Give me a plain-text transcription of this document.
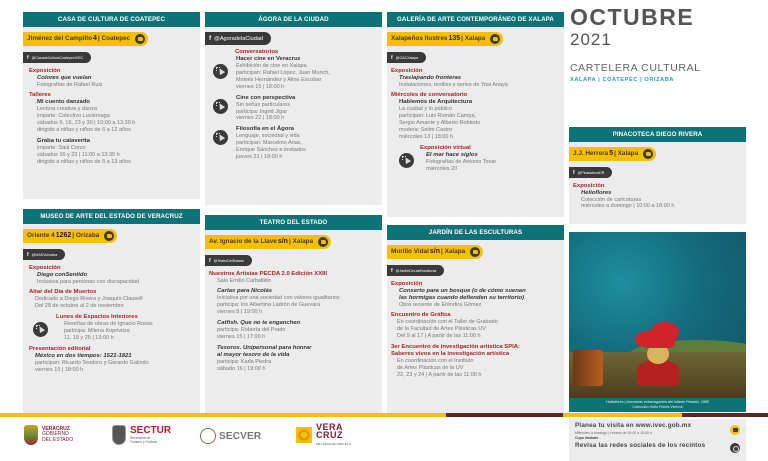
CASA DE CULTURA DE COATEPEC
Jiménez del Campillo 4 | Coatepec

f @CasadeCulturaCoatepecIVEC
Exposición
Colores que vuelan
Fotografías de Rafael Ruiz
Talleres
Mi cuento danzado
Lectura creativa y danza
imparte: Colectivo Luciérnaga
sábados 9, 16, 23 y 30 | 10:00 a 13:30 h
dirigido a niñas y niños de 6 a 12 años
Graba tu calaverita
imparte: Saúl Corzo
sábados 16 y 23 | 11:00 a 13:30 h
dirigido a niñas y niños de 8 a 13 años
MUSEO DE ARTE DEL ESTADO DE VERACRUZ
Oriente 4 1262 | Orizaba

f @MAEVorizaba
Exposición
Diego conSentido
Inclusiva para personas con discapacidad
Altar del Día de Muertos
Dedicado a Diego Rivera y Joaquín Clausell
Del 28 de octubre al 2 de noviembre
Lunes de Espacios Interiores
Reseñas de obras de Ignacio Rosas
participa: Milena Koprivitza
11, 18 y 25 | 13:00 h
Presentación editorial
México en dos tiempos: 1521-1821
participan: Ricardo Teodoro y Gerardo Galindo
viernes 15 | 18:00 h
ÁGORA DE LA CIUDAD
f @AgoradelaCiudad
Conversatorios
Hacer cine en Veracruz
Exhibición de cine en Xalapa
participan: Rafael López, Juan Munch,
Moisés Hernández y Aline Escobar
viernes 15 | 18:00 h
Cine con perspectiva
Sin señas particulares
participa: Ingrid Jigar
viernes 22 | 18:00 h
Filosofía en el Ágora
Lenguaje, sociedad y vida
participan: Marcelino Arias,
Enrique Sánchez e invitados
jueves 21 | 18:00 h
TEATRO DEL ESTADO
Av. Ignacio de la Llave s/n | Xalapa

f @TeatroDelEstado
Nuestros Artistas PECDA 2.0 Edición XXIII
Sala Emilio Carballido
Cartas para Nicolás
Iniciativa por una sociedad con valores igualitarios
participa: Iris Albertina Ladrón de Guevara
viernes 8 | 19:00 h
Catfish. Que no te enganchen
participa: Roberta del Prado
viernes 15 | 17:00 h
Tesoros. Unipersonal para honrar
al mayor tesoro de la vida
participa: Karla Piedra
sábado 16 | 19:00 h
GALERÍA DE ARTE CONTEMPORÁNEO DE XALAPA
Xalapeños Ilustres 135 | Xalapa

f @GACXalapa
Exposición
Traslapando fronteras
Instalaciones, textiles y series de Yosi Anaya
Miércoles de conversatorio
Hablemos de Arquitectura
La ciudad y lo público
participan: Luis Román Campa,
Sergio Amante y Alberto Robledo
modera: Selim Castro
miércoles 13 | 18:00 h
Exposición virtual
El mar hace siglos
Fotografías de Antonio Tovar
miércoles 20
JARDÍN DE LAS ESCULTURAS
Murillo Vidal s/n | Xalapa

f @JardinDeLasEsculturas
Exposición
Conxerto para un bosque (o de cómo suenan
las hormigas cuando defienden su territorio)
Obra reciente de Eréndira Gómez
Encuentro de Gráfica
En coordinación con el Taller de Grabado
de la Facultad de Artes Plásticas UV
Del 9 al 17 | A partir de las 11:00 h
3er Encuentro de investigación artística SPIA:
Saberes vivos en la investigación artística
En coordinación con el Instituto
de Artes Plásticas de la UV
22, 23 y 24 | A partir de las 11:00 h
OCTUBRE
2021
CARTELERA CULTURAL
XALAPA | COATEPEC | ORIZABA
PINACOTECA DIEGO RIVERA
J.J. Herrera 5 | Xalapa

f @PinacotecaDR
Exposición
Helioflores
Colección de caricaturas
miércoles a domingo | 10:00 a 18:00 h
Helioflores | Aventuras extravagantes del infante Petatús, 1985
Colección Helio Flores Viveros
VERACRUZ
GOBIERNO
DEL ESTADO
SECTUR
Secretaría de
Turismo y Cultura
SECVER
VERA
CRUZ
ME LLENA DE ORGULLO
Planea tu visita en www.ivec.gob.mx
Miércoles a domingo | Horario de 10:00 a 15:00 h
Cupo limitado
Revisa las redes sociales de los recintos
